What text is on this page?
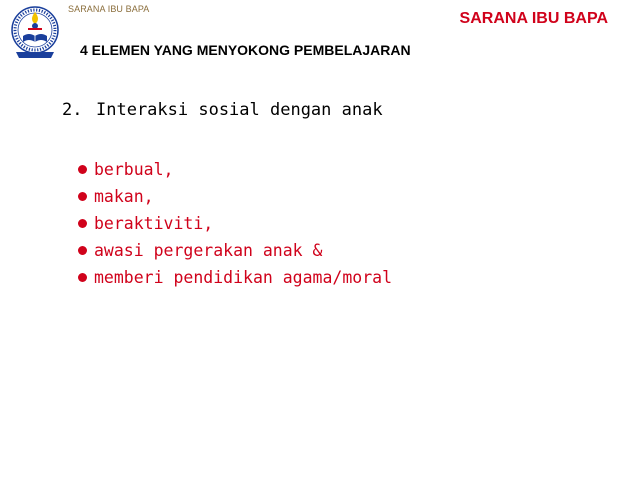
SARANA IBU BAPA
SARANA IBU BAPA
4 ELEMEN YANG MENYOKONG PEMBELAJARAN
2. Interaksi sosial dengan anak
berbual,
makan,
beraktiviti,
awasi pergerakan anak &
memberi pendidikan agama/moral
